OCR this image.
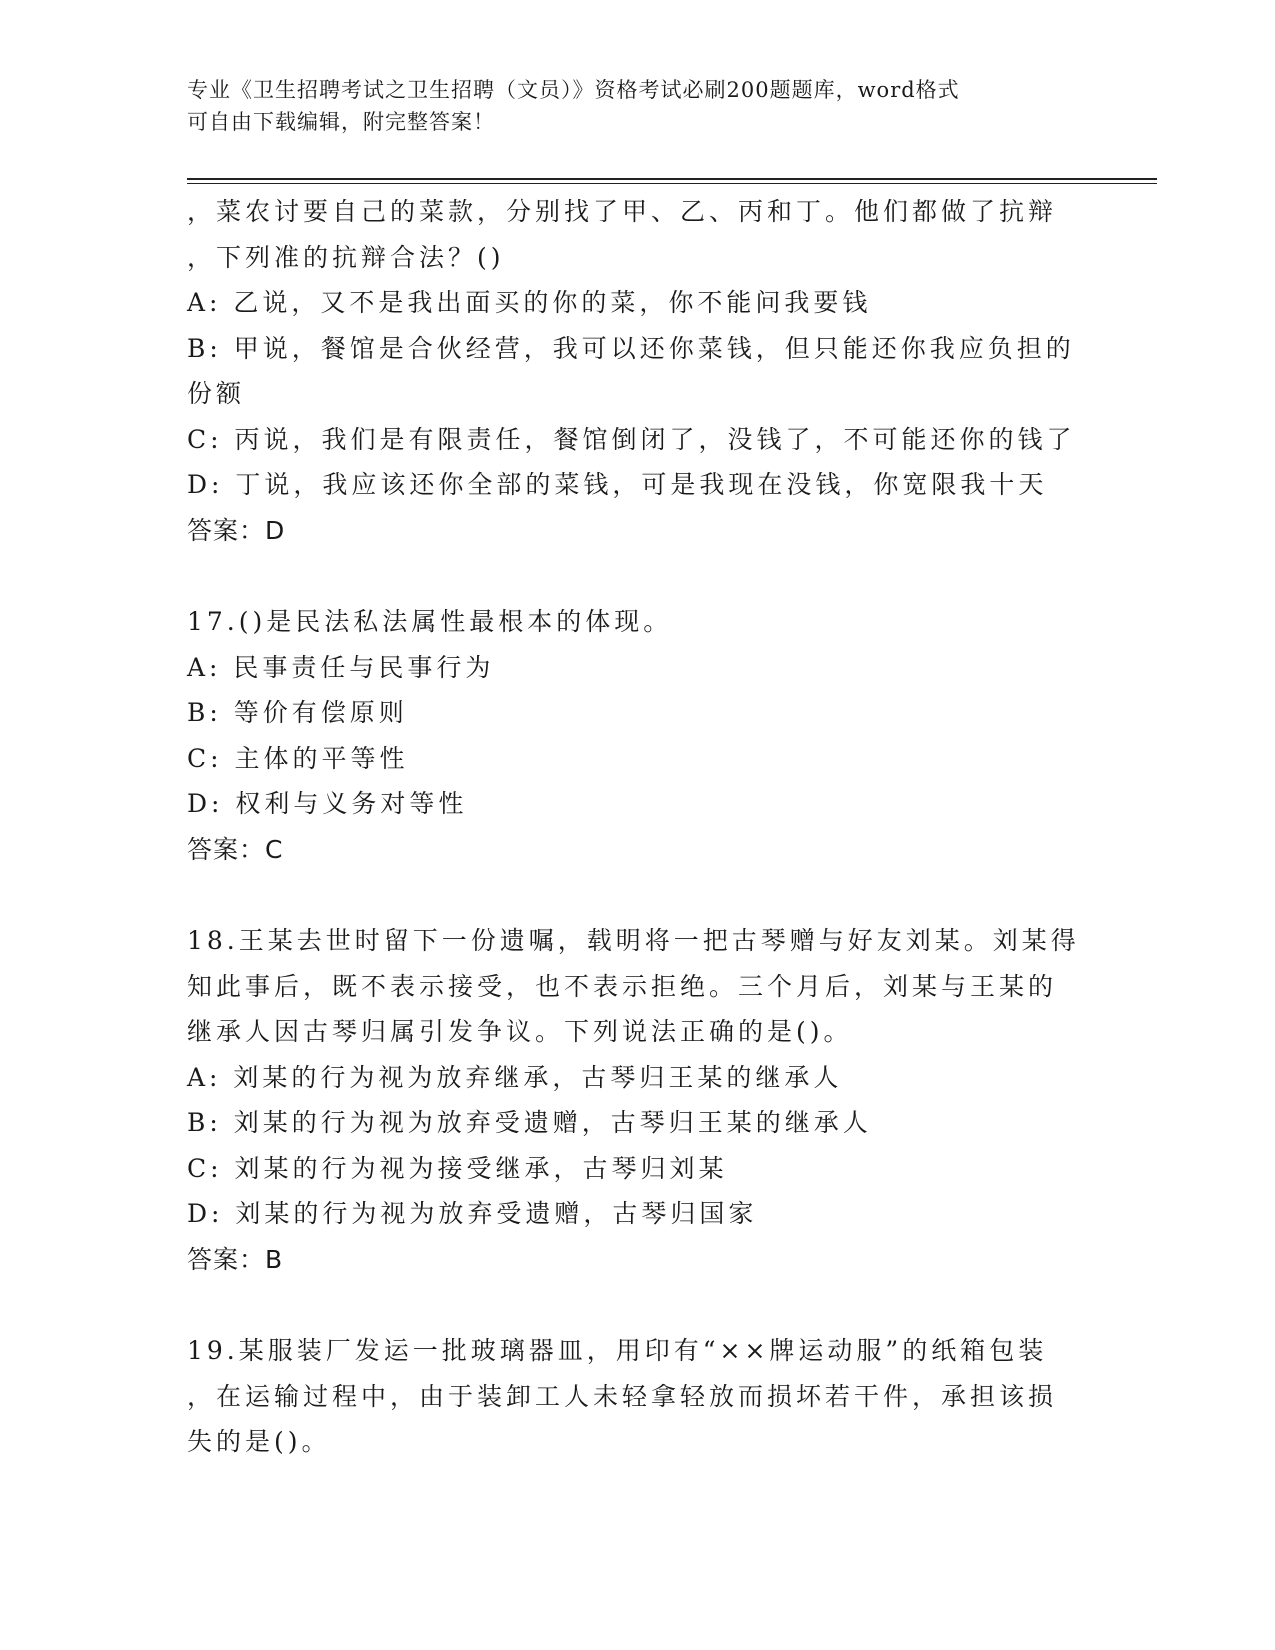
专业《卫生招聘考试之卫生招聘（文员）》资格考试必刷200题题库，word格式
可自由下载编辑，附完整答案！
，菜农讨要自己的菜款，分别找了甲、乙、丙和丁。他们都做了抗辩
，下列准的抗辩合法？()
A: 乙说，又不是我出面买的你的菜，你不能问我要钱
B: 甲说，餐馆是合伙经营，我可以还你菜钱，但只能还你我应负担的
份额
C: 丙说，我们是有限责任，餐馆倒闭了，没钱了，不可能还你的钱了
D: 丁说，我应该还你全部的菜钱，可是我现在没钱，你宽限我十天
答案：D
17.()是民法私法属性最根本的体现。
A: 民事责任与民事行为
B: 等价有偿原则
C: 主体的平等性
D: 权利与义务对等性
答案：C
18.王某去世时留下一份遗嘱，载明将一把古琴赠与好友刘某。刘某得
知此事后，既不表示接受，也不表示拒绝。三个月后，刘某与王某的
继承人因古琴归属引发争议。下列说法正确的是()。
A: 刘某的行为视为放弃继承，古琴归王某的继承人
B: 刘某的行为视为放弃受遗赠，古琴归王某的继承人
C: 刘某的行为视为接受继承，古琴归刘某
D: 刘某的行为视为放弃受遗赠，古琴归国家
答案：B
19.某服装厂发运一批玻璃器皿，用印有“××牌运动服”的纸箱包装
，在运输过程中，由于装卸工人未轻拿轻放而损坏若干件，承担该损
失的是()。
